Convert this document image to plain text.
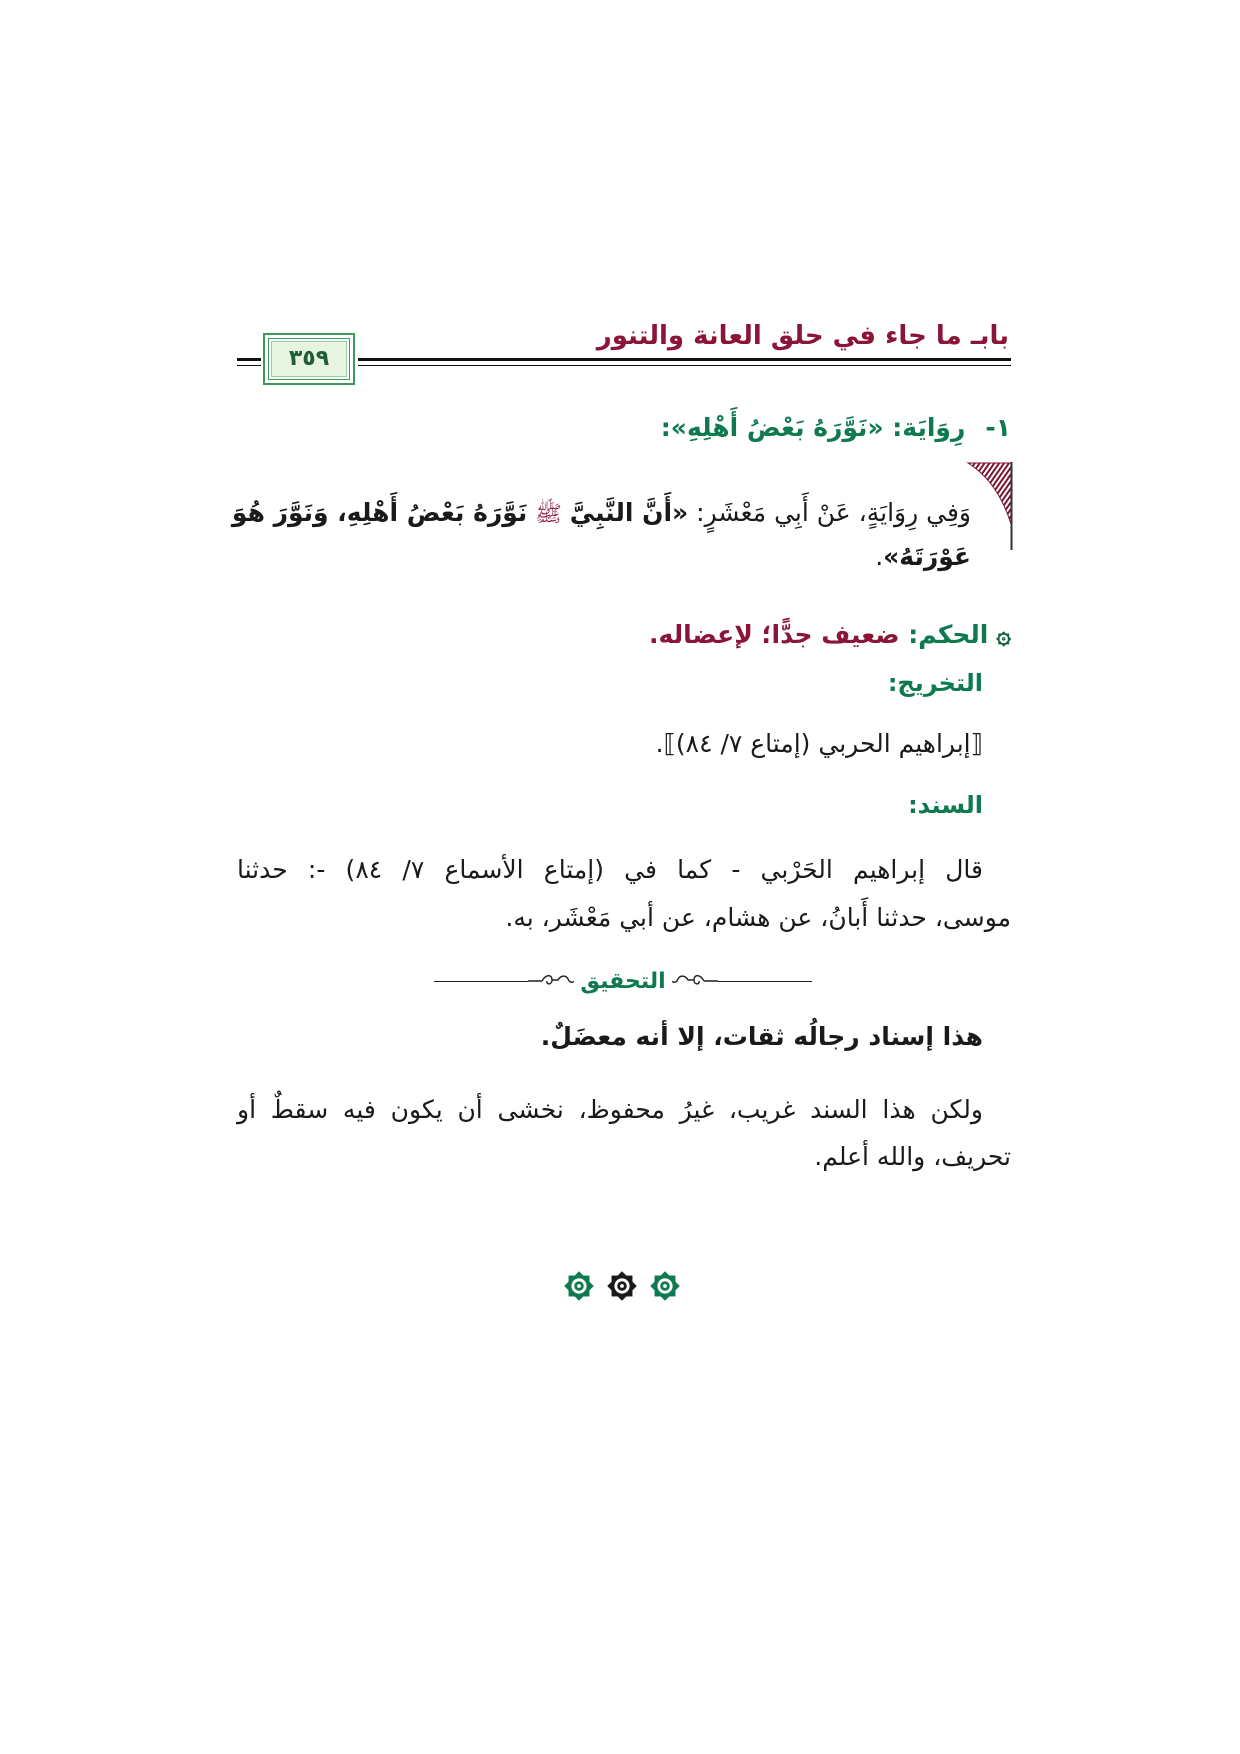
بابـ ما جاء في حلق العانة والتنور
٣٥٩
١-رِوَايَة: «نَوَّرَهُ بَعْضُ أَهْلِهِ»:
وَفِي رِوَايَةٍ، عَنْ أَبِي مَعْشَرٍ: «أَنَّ النَّبِيَّ ﷺ نَوَّرَهُ بَعْضُ أَهْلِهِ، وَنَوَّرَ هُوَ
عَوْرَتَهُ».
۞الحكم: ضعيف جدًّا؛ لإعضاله.
التخريج:
⟦إبراهيم الحربي (إمتاع ٧/ ٨٤)⟧.
السند:
قال إبراهيم الحَرْبي - كما في (إمتاع الأسماع ٧/ ٨٤) -: حدثنا
موسى، حدثنا أَبانُ، عن هشام، عن أبي مَعْشَر، به.
التحقيق
هذا إسناد رجالُه ثقات، إلا أنه معضَلٌ.
ولكن هذا السند غريب، غيرُ محفوظ، نخشى أن يكون فيه سقطٌ أو
تحريف، والله أعلم.
